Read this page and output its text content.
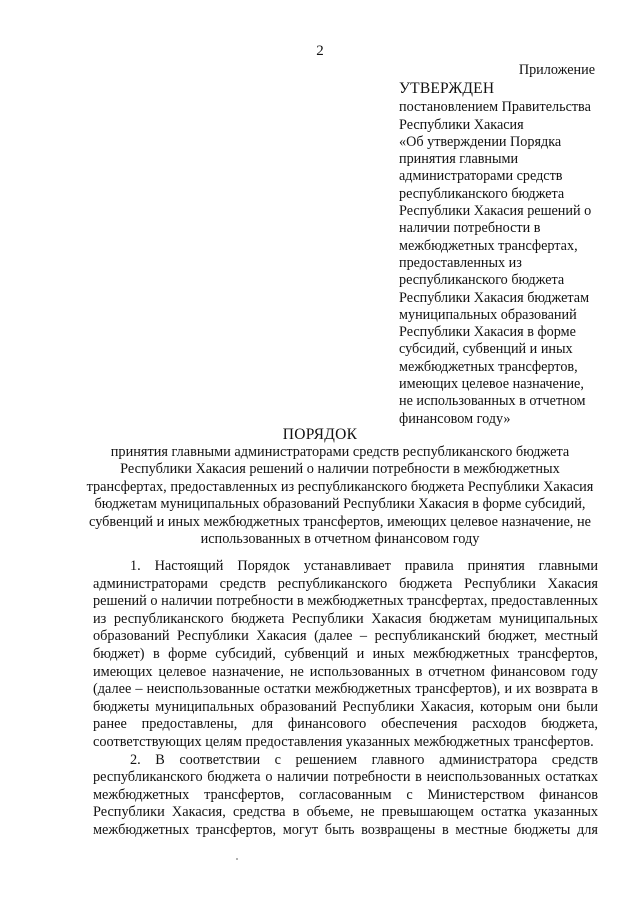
2
Приложение
УТВЕРЖДЕН
постановлением Правительства
Республики Хакасия
«Об утверждении Порядка
принятия главными
администраторами средств
республиканского бюджета
Республики Хакасия решений о
наличии потребности в
межбюджетных трансфертах,
предоставленных из
республиканского бюджета
Республики Хакасия бюджетам
муниципальных образований
Республики Хакасия в форме
субсидий, субвенций и иных
межбюджетных трансфертов,
имеющих целевое назначение,
не использованных в отчетном
финансовом году»
ПОРЯДОК
принятия главными администраторами средств республиканского бюджета
Республики Хакасия решений о наличии потребности в межбюджетных
трансфертах, предоставленных из республиканского бюджета Республики Хакасия
бюджетам муниципальных образований Республики Хакасия в форме субсидий,
субвенций и иных межбюджетных трансфертов, имеющих целевое назначение, не
использованных в отчетном финансовом году
1. Настоящий Порядок устанавливает правила принятия главными
администраторами средств республиканского бюджета Республики Хакасия
решений о наличии потребности в межбюджетных трансфертах, предоставленных
из республиканского бюджета Республики Хакасия бюджетам муниципальных
образований Республики Хакасия (далее – республиканский бюджет, местный
бюджет) в форме субсидий, субвенций и иных межбюджетных трансфертов,
имеющих целевое назначение, не использованных в отчетном финансовом году
(далее – неиспользованные остатки межбюджетных трансфертов), и их возврата в
бюджеты муниципальных образований Республики Хакасия, которым они были
ранее предоставлены, для финансового обеспечения расходов бюджета,
соответствующих целям предоставления указанных межбюджетных трансфертов.
2. В соответствии с решением главного администратора средств
республиканского бюджета о наличии потребности в неиспользованных остатках
межбюджетных трансфертов, согласованным с Министерством финансов
Республики Хакасия, средства в объеме, не превышающем остатка указанных
межбюджетных трансфертов, могут быть возвращены в местные бюджеты для
